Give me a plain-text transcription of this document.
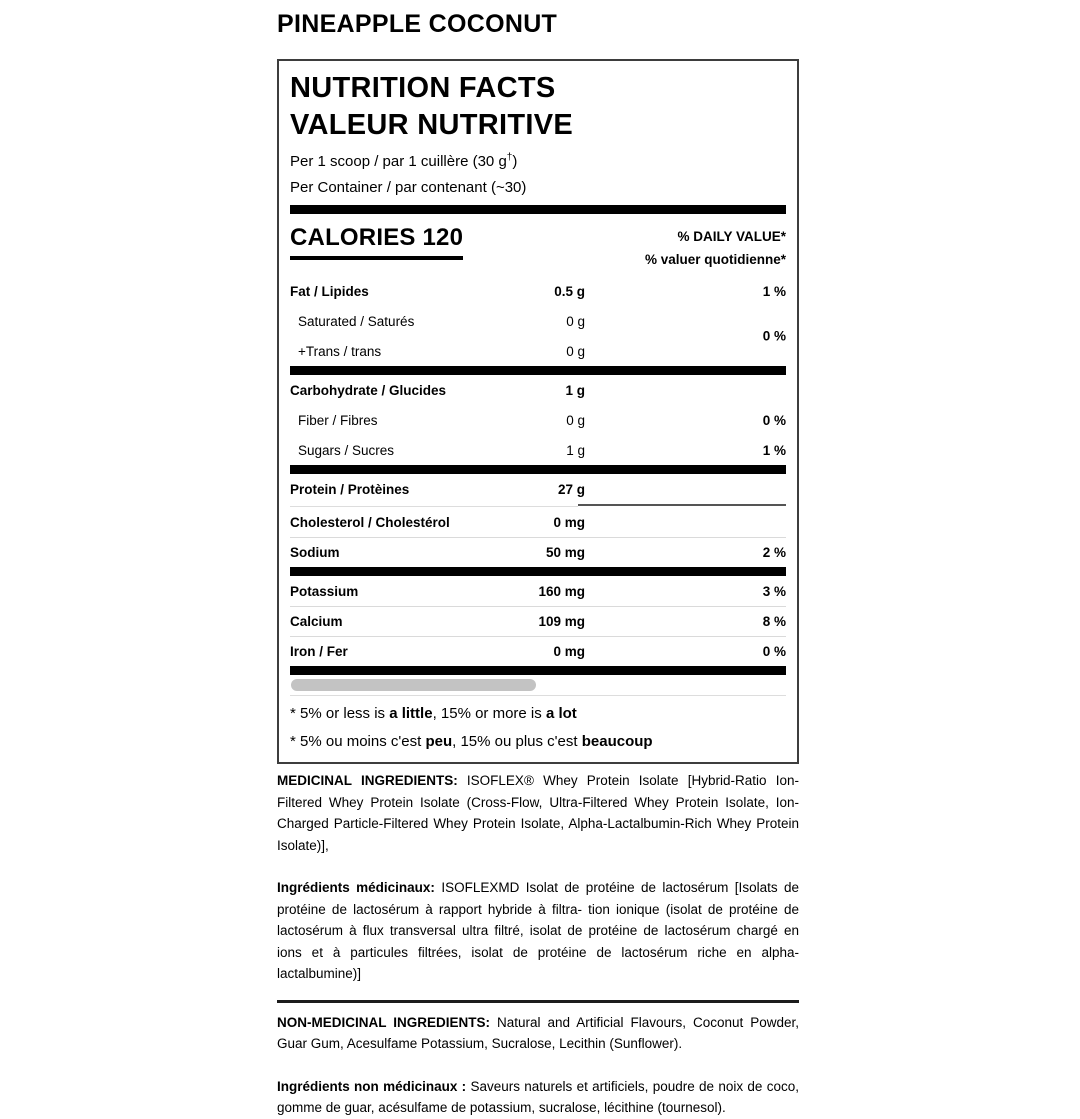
PINEAPPLE COCONUT
NUTRITION FACTS
VALEUR NUTRITIVE
Per 1 scoop / par 1 cuillère (30 g†)
Per Container / par contenant (~30)
CALORIES 120	% DAILY VALUE*
% valuer quotidienne*
Fat / Lipides	0.5 g	1 %
Saturated / Saturés	0 g
+Trans / trans	0 g
0 %
Carbohydrate / Glucides	1 g
Fiber / Fibres	0 g	0 %
Sugars / Sucres	1 g	1 %
Protein / Protèines	27 g
Cholesterol / Cholestérol	0 mg
Sodium	50 mg	2 %
Potassium	160 mg	3 %
Calcium	109 mg	8 %
Iron / Fer	0 mg	0 %

* 5% or less is a little, 15% or more is a lot

* 5% ou moins c'est peu, 15% ou plus c'est beaucoup

MEDICINAL INGREDIENTS: ISOFLEX® Whey Protein Isolate [Hybrid-Ratio Ion-Filtered Whey Protein Isolate (Cross-Flow, Ultra-Filtered Whey Protein Isolate, Ion-Charged Particle-Filtered Whey Protein Isolate, Alpha-Lactalbumin-Rich Whey Protein Isolate)],

Ingrédients médicinaux: ISOFLEXMD Isolat de protéine de lactosérum [Isolats de protéine de lactosérum à rapport hybride à filtra- tion ionique (isolat de protéine de lactosérum à flux transversal ultra filtré, isolat de protéine de lactosérum chargé en ions et à particules filtrées, isolat de protéine de lactosérum riche en alpha-lactalbumine)]

NON-MEDICINAL INGREDIENTS: Natural and Artificial Flavours, Coconut Powder, Guar Gum, Acesulfame Potassium, Sucralose, Lecithin (Sunflower).

Ingrédients non médicinaux : Saveurs naturels et artificiels, poudre de noix de coco, gomme de guar, acésulfame de potassium, sucralose, lécithine (tournesol).
